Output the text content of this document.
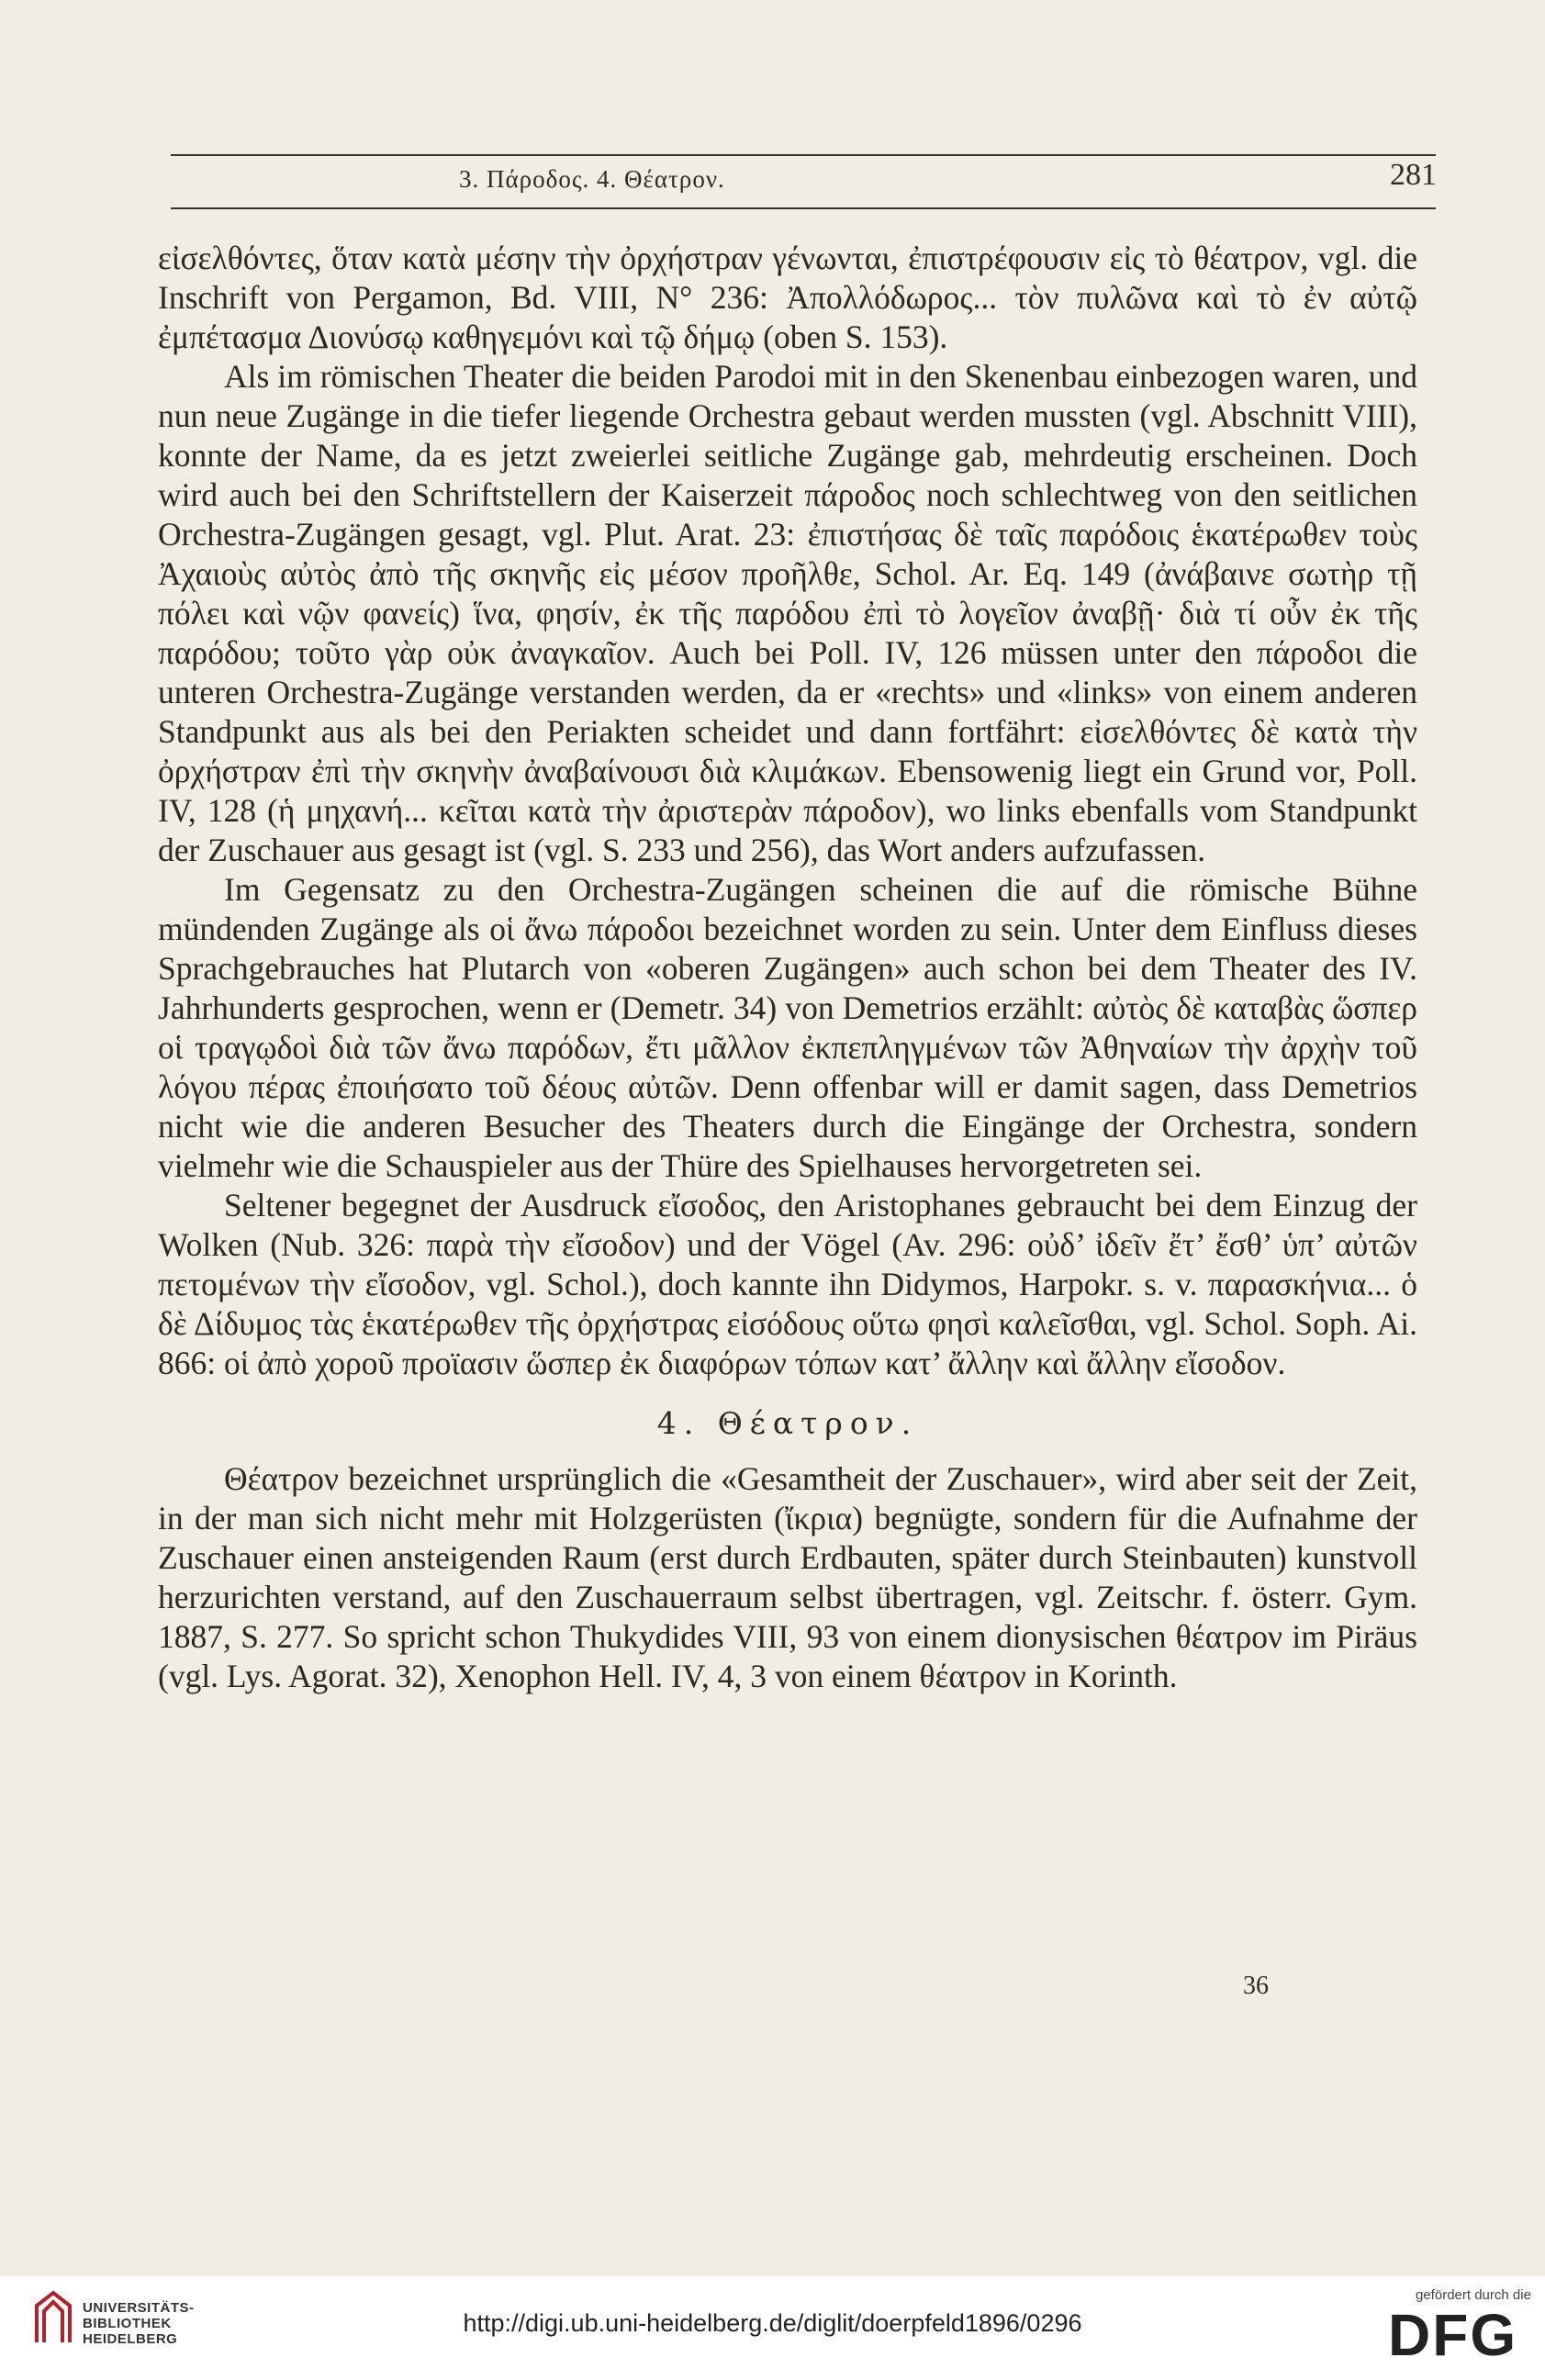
3. Πάροδος. 4. Θέατρον.	281

εἰσελθόντες, ὅταν κατὰ μέσην τὴν ὀρχήστραν γένωνται, ἐπιστρέφουσιν εἰς τὸ θέατρον, vgl. die Inschrift von Pergamon, Bd. VIII, N° 236: Ἀπολλόδωρος... τὸν πυλῶνα καὶ τὸ ἐν αὐτῷ ἐμπέτασμα Διονύσῳ καθηγεμόνι καὶ τῷ δήμῳ (oben S. 153).

Als im römischen Theater die beiden Parodoi mit in den Skenenbau einbezogen waren, und nun neue Zugänge in die tiefer liegende Orchestra gebaut werden mussten (vgl. Abschnitt VIII), konnte der Name, da es jetzt zweierlei seitliche Zugänge gab, mehrdeutig erscheinen. Doch wird auch bei den Schriftstellern der Kaiserzeit πάροδος noch schlechtweg von den seitlichen Orchestra-Zugängen gesagt, vgl. Plut. Arat. 23: ἐπιστήσας δὲ ταῖς παρόδοις ἑκατέρωθεν τοὺς Ἀχαιοὺς αὐτὸς ἀπὸ τῆς σκηνῆς εἰς μέσον προῆλθε, Schol. Ar. Eq. 149 (ἀνάβαινε σωτὴρ τῇ πόλει καὶ νῷν φανείς) ἵνα, φησίν, ἐκ τῆς παρόδου ἐπὶ τὸ λογεῖον ἀναβῇ· διὰ τί οὖν ἐκ τῆς παρόδου; τοῦτο γὰρ οὐκ ἀναγκαῖον. Auch bei Poll. IV, 126 müssen unter den πάροδοι die unteren Orchestra-Zugänge verstanden werden, da er «rechts» und «links» von einem anderen Standpunkt aus als bei den Periakten scheidet und dann fortfährt: εἰσελθόντες δὲ κατὰ τὴν ὀρχήστραν ἐπὶ τὴν σκηνὴν ἀναβαίνουσι διὰ κλιμάκων. Ebensowenig liegt ein Grund vor, Poll. IV, 128 (ἡ μηχανή... κεῖται κατὰ τὴν ἀριστερὰν πάροδον), wo links ebenfalls vom Standpunkt der Zuschauer aus gesagt ist (vgl. S. 233 und 256), das Wort anders aufzufassen.

Im Gegensatz zu den Orchestra-Zugängen scheinen die auf die römische Bühne mündenden Zugänge als οἱ ἄνω πάροδοι bezeichnet worden zu sein. Unter dem Einfluss dieses Sprachgebrauches hat Plutarch von «oberen Zugängen» auch schon bei dem Theater des IV. Jahrhunderts gesprochen, wenn er (Demetr. 34) von Demetrios erzählt: αὐτὸς δὲ καταβὰς ὥσπερ οἱ τραγῳδοὶ διὰ τῶν ἄνω παρόδων, ἔτι μᾶλλον ἐκπεπληγμένων τῶν Ἀθηναίων τὴν ἀρχὴν τοῦ λόγου πέρας ἐποιήσατο τοῦ δέους αὐτῶν. Denn offenbar will er damit sagen, dass Demetrios nicht wie die anderen Besucher des Theaters durch die Eingänge der Orchestra, sondern vielmehr wie die Schauspieler aus der Thüre des Spielhauses hervorgetreten sei.

Seltener begegnet der Ausdruck εἴσοδος, den Aristophanes gebraucht bei dem Einzug der Wolken (Nub. 326: παρὰ τὴν εἴσοδον) und der Vögel (Av. 296: οὐδ’ ἰδεῖν ἔτ’ ἔσθ’ ὑπ’ αὐτῶν πετομένων τὴν εἴσοδον, vgl. Schol.), doch kannte ihn Didymos, Harpokr. s. v. παρασκήνια... ὁ δὲ Δίδυμος τὰς ἑκατέρωθεν τῆς ὀρχήστρας εἰσόδους οὕτω φησὶ καλεῖσθαι, vgl. Schol. Soph. Ai. 866: οἱ ἀπὸ χοροῦ προϊασιν ὥσπερ ἐκ διαφόρων τόπων κατ’ ἄλλην καὶ ἄλλην εἴσοδον.

4. Θέατρον.

Θέατρον bezeichnet ursprünglich die «Gesamtheit der Zuschauer», wird aber seit der Zeit, in der man sich nicht mehr mit Holzgerüsten (ἴκρια) begnügte, sondern für die Aufnahme der Zuschauer einen ansteigenden Raum (erst durch Erdbauten, später durch Steinbauten) kunstvoll herzurichten verstand, auf den Zuschauerraum selbst übertragen, vgl. Zeitschr. f. österr. Gym. 1887, S. 277. So spricht schon Thukydides VIII, 93 von einem dionysischen θέατρον im Piräus (vgl. Lys. Agorat. 32), Xenophon Hell. IV, 4, 3 von einem θέατρον in Korinth.

36
UNIVERSITÄTS-
BIBLIOTHEK
HEIDELBERG
http://digi.ub.uni-heidelberg.de/diglit/doerpfeld1896/0296
gefördert durch die
DFG
